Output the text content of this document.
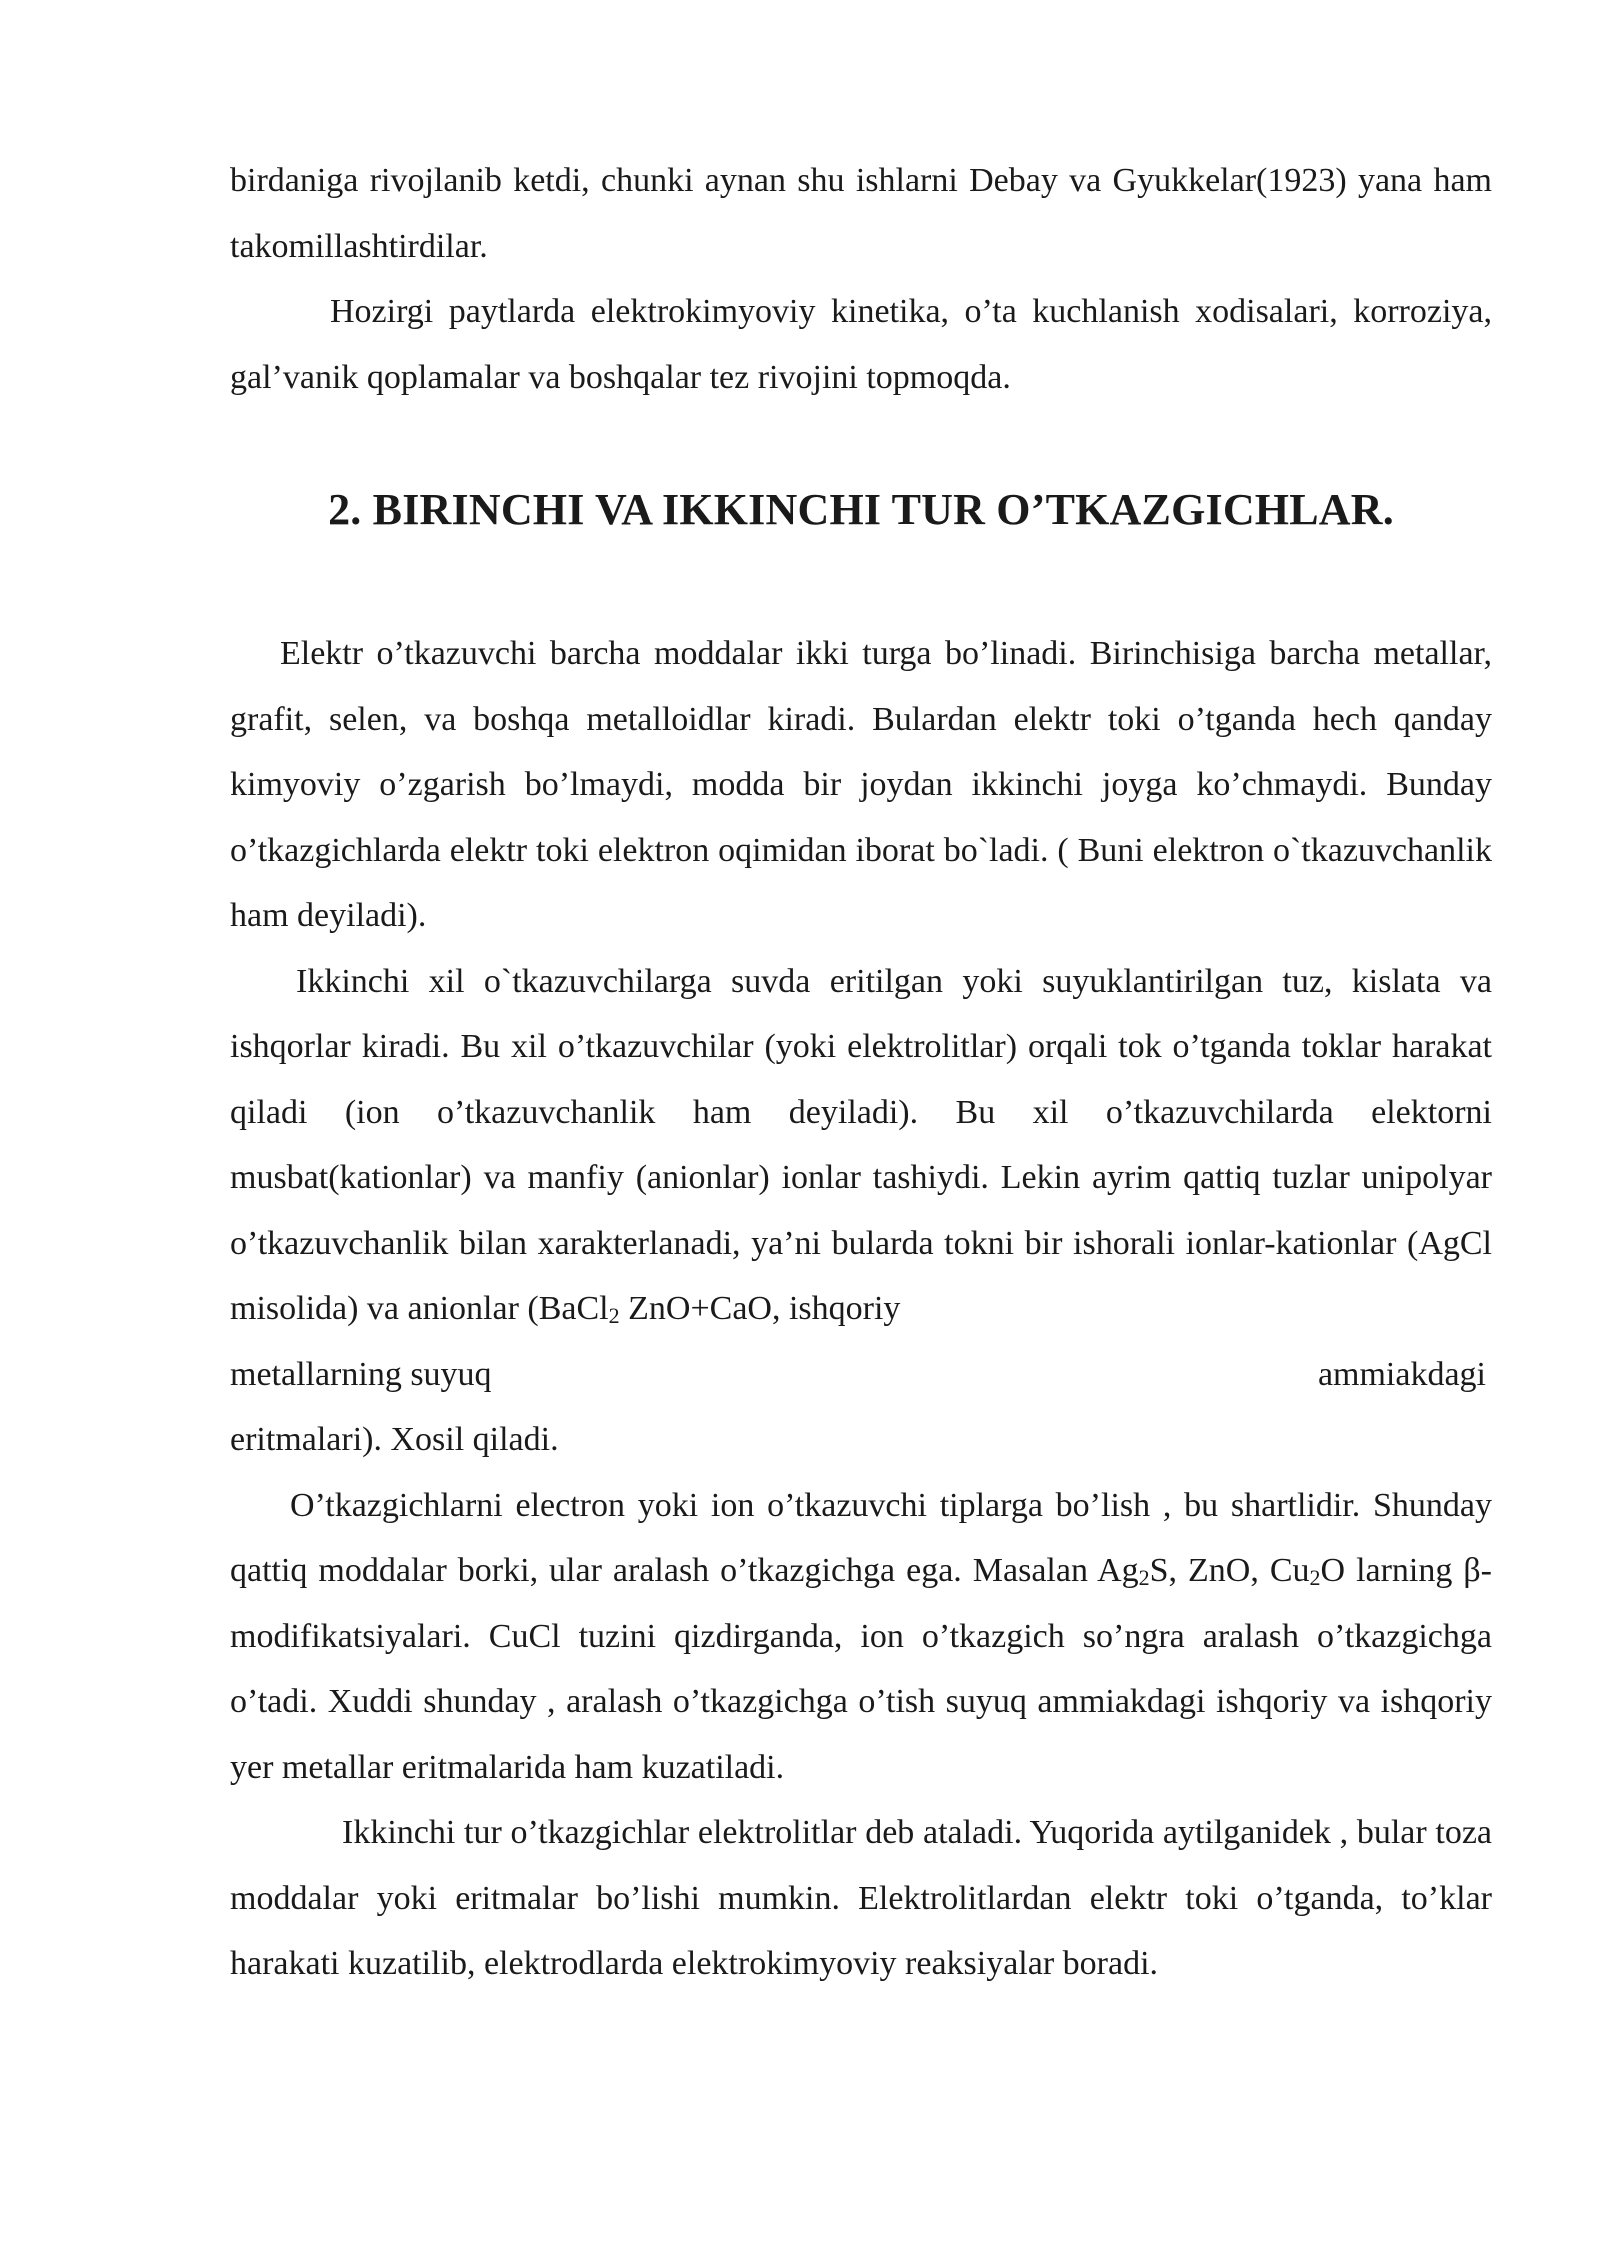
birdaniga rivojlanib ketdi, chunki aynan shu ishlarni Debay va Gyukkelar(1923) yana ham takomillashtirdilar.

Hozirgi paytlarda elektrokimyoviy kinetika, o’ta kuchlanish xodisalari, korroziya, gal’vanik qoplamalar va boshqalar tez rivojini topmoqda.

2. BIRINCHI VA IKKINCHI TUR O’TKAZGICHLAR.

Elektr o’tkazuvchi barcha moddalar ikki turga bo’linadi. Birinchisiga barcha metallar, grafit, selen, va boshqa metalloidlar kiradi. Bulardan elektr toki o’tganda hech qanday kimyoviy o’zgarish bo’lmaydi, modda bir joydan ikkinchi joyga ko’chmaydi. Bunday o’tkazgichlarda elektr toki elektron oqimidan iborat bo`ladi. ( Buni elektron o`tkazuvchanlik ham deyiladi).

Ikkinchi xil o`tkazuvchilarga suvda eritilgan yoki suyuklantirilgan tuz, kislata va ishqorlar kiradi. Bu xil o’tkazuvchilar (yoki elektrolitlar) orqali tok o’tganda toklar harakat qiladi (ion o’tkazuvchanlik ham deyiladi). Bu xil o’tkazuvchilarda elektorni musbat(kationlar) va manfiy (anionlar) ionlar tashiydi. Lekin ayrim qattiq tuzlar unipolyar o’tkazuvchanlik bilan xarakterlanadi, ya’ni bularda tokni bir ishorali ionlar-kationlar (AgCl misolida) va anionlar (BaCl$_2$ ZnO+CaO, ishqoriy

metallarning suyuq	ammiakdagi

eritmalari). Xosil qiladi.

O’tkazgichlarni electron yoki ion o’tkazuvchi tiplarga bo’lish , bu shartlidir. Shunday qattiq moddalar borki, ular aralash o’tkazgichga ega. Masalan $Ag_2S$, ZnO, $Cu_2O$ larning β-modifikatsiyalari. CuCl tuzini qizdirganda, ion o’tkazgich so’ngra aralash o’tkazgichga o’tadi. Xuddi shunday , aralash o’tkazgichga o’tish suyuq ammiakdagi ishqoriy va ishqoriy yer metallar eritmalarida ham kuzatiladi.

Ikkinchi tur o’tkazgichlar elektrolitlar deb ataladi. Yuqorida aytilganidek , bular toza moddalar yoki eritmalar bo’lishi mumkin. Elektrolitlardan elektr toki o’tganda, to’klar harakati kuzatilib, elektrodlarda elektrokimyoviy reaksiyalar boradi.
